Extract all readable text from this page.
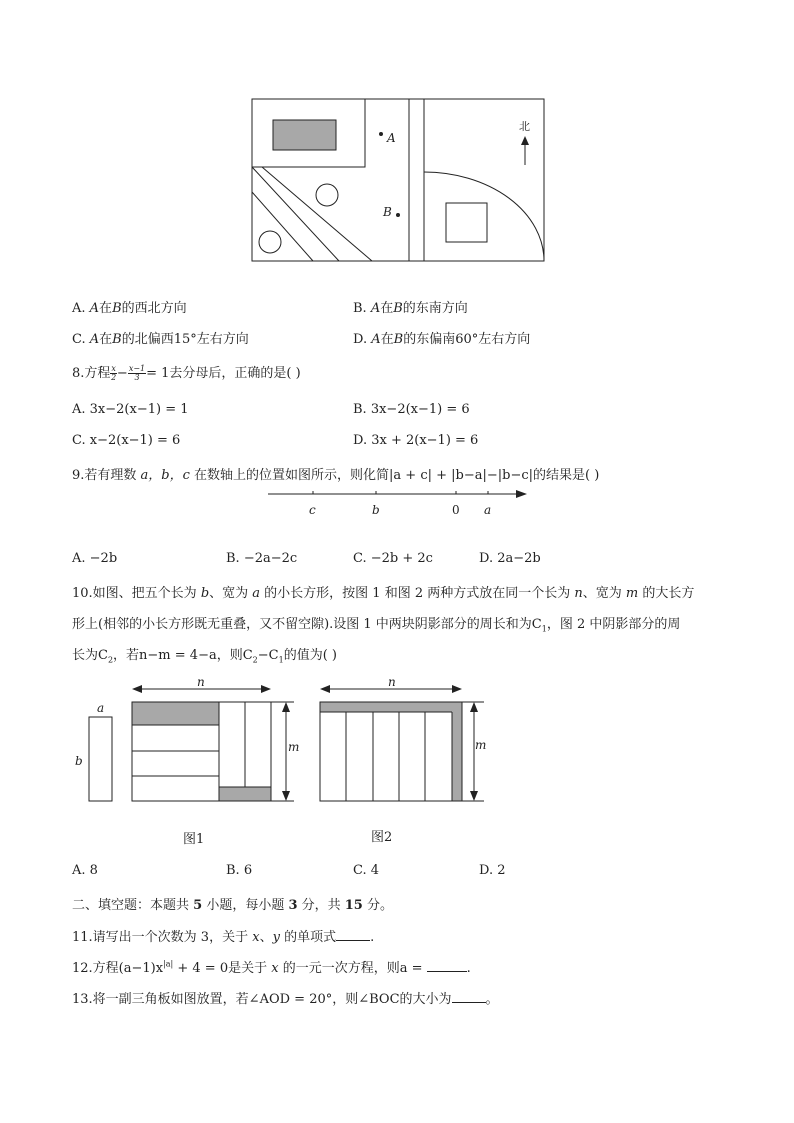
A
B
北
A. A在B的西北方向	B. A在B的东南方向
C. A在B的北偏西15°左右方向	D. A在B的东偏南60°左右方向
8.方程 $\frac{x}{2} - \frac{x-1}{3} = 1$去分母后，正确的是( )
A. 3x−2(x−1) = 1	B. 3x−2(x−1) = 6
C. x−2(x−1) = 6	D. 3x + 2(x−1) = 6
9.若有理数 a，b，c 在数轴上的位置如图所示，则化简|a + c| + |b−a|−|b−c|的结果是( )
c	b	0 a
A. −2b	B. −2a−2c	C. −2b + 2c	D. 2a−2b
10.如图、把五个长为 b、宽为 a 的小长方形，按图 1 和图 2 两种方式放在同一个长为 n、宽为 m 的大长方
形上(相邻的小长方形既无重叠，又不留空隙).设图 1 中两块阴影部分的周长和为$C_1$，图 2 中阴影部分的周
长为$C_2$，若n−m = 4−a，则$C_2-C_1$的值为( )
a
b
n
m
n
m
图1	图2
A. 8	B. 6	C. 4	D. 2
二、填空题：本题共 5 小题，每小题 3 分，共 15 分。
11.请写出一个次数为 3，关于 x、y 的单项式	.
12.方程$(a-1)x^{|a|} + 4 = 0$是关于 x 的一元一次方程，则a =	.
13.将一副三角板如图放置，若∠AOD = 20°，则∠BOC的大小为	。
